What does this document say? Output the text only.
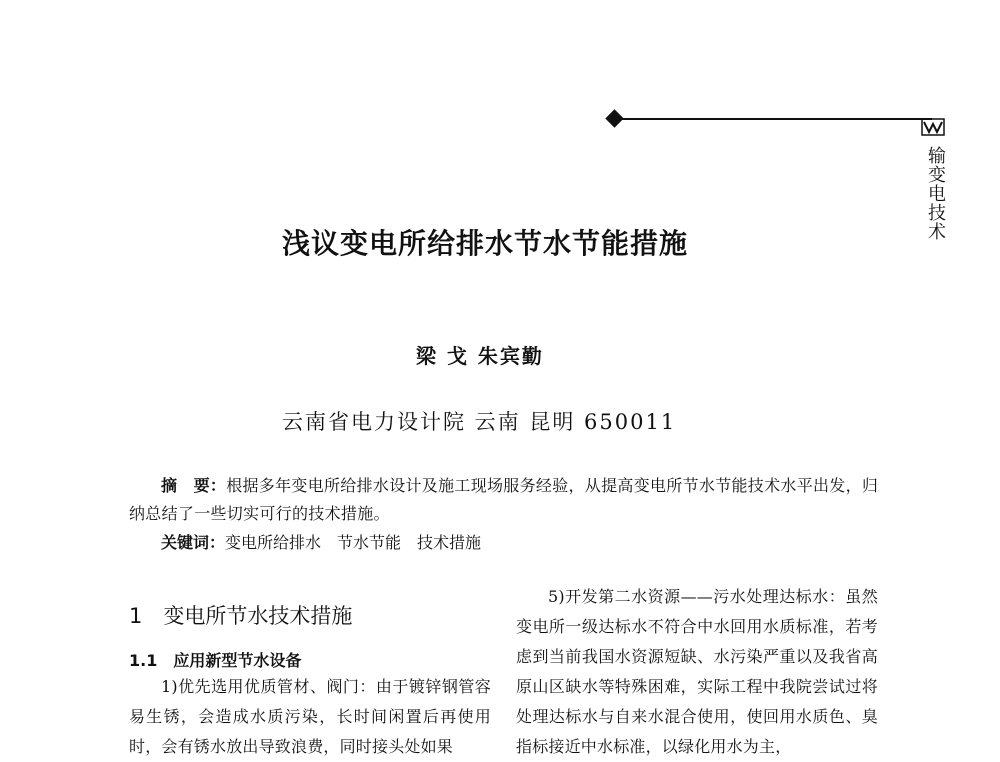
输变电技术
浅议变电所给排水节水节能措施
梁 戈 朱宾勤
云南省电力设计院 云南 昆明 650011
摘　要：根据多年变电所给排水设计及施工现场服务经验，从提高变电所节水节能技术水平出发，归纳总结了一些切实可行的技术措施。
关键词：变电所给排水　节水节能　技术措施
1　变电所节水技术措施
1.1　应用新型节水设备
1)优先选用优质管材、阀门：由于镀锌钢管容易生锈，会造成水质污染，长时间闲置后再使用时，会有锈水放出导致浪费，同时接头处如果
5)开发第二水资源——污水处理达标水：虽然变电所一级达标水不符合中水回用水质标准，若考虑到当前我国水资源短缺、水污染严重以及我省高原山区缺水等特殊困难，实际工程中我院尝试过将处理达标水与自来水混合使用，使回用水质色、臭指标接近中水标准，以绿化用水为主，
